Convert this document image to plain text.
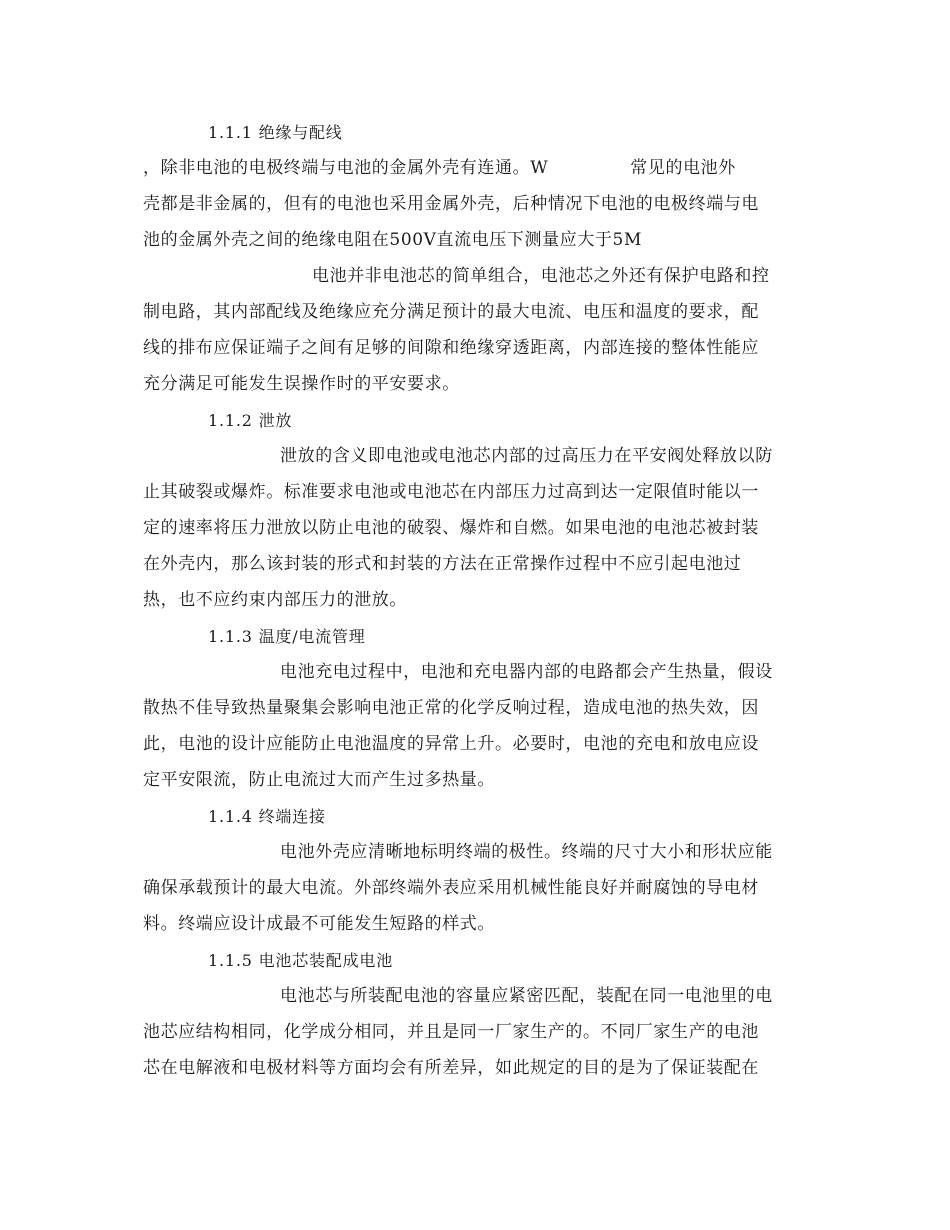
1.1.1 绝缘与配线
，除非电池的电极终端与电池的金属外壳有连通。W	常见的电池外
壳都是非金属的，但有的电池也采用金属外壳，后种情况下电池的电极终端与电
池的金属外壳之间的绝缘电阻在500V直流电压下测量应大于5M
电池并非电池芯的简单组合，电池芯之外还有保护电路和控
制电路，其内部配线及绝缘应充分满足预计的最大电流、电压和温度的要求，配
线的排布应保证端子之间有足够的间隙和绝缘穿透距离，内部连接的整体性能应
充分满足可能发生误操作时的平安要求。
1.1.2 泄放
泄放的含义即电池或电池芯内部的过高压力在平安阀处释放以防
止其破裂或爆炸。标准要求电池或电池芯在内部压力过高到达一定限值时能以一
定的速率将压力泄放以防止电池的破裂、爆炸和自燃。如果电池的电池芯被封装
在外壳内，那么该封装的形式和封装的方法在正常操作过程中不应引起电池过
热，也不应约束内部压力的泄放。
1.1.3 温度/电流管理
电池充电过程中，电池和充电器内部的电路都会产生热量，假设
散热不佳导致热量聚集会影响电池正常的化学反响过程，造成电池的热失效，因
此，电池的设计应能防止电池温度的异常上升。必要时，电池的充电和放电应设
定平安限流，防止电流过大而产生过多热量。
1.1.4 终端连接
电池外壳应清晰地标明终端的极性。终端的尺寸大小和形状应能
确保承载预计的最大电流。外部终端外表应采用机械性能良好并耐腐蚀的导电材
料。终端应设计成最不可能发生短路的样式。
1.1.5 电池芯装配成电池
电池芯与所装配电池的容量应紧密匹配，装配在同一电池里的电
池芯应结构相同，化学成分相同，并且是同一厂家生产的。不同厂家生产的电池
芯在电解液和电极材料等方面均会有所差异，如此规定的目的是为了保证装配在
